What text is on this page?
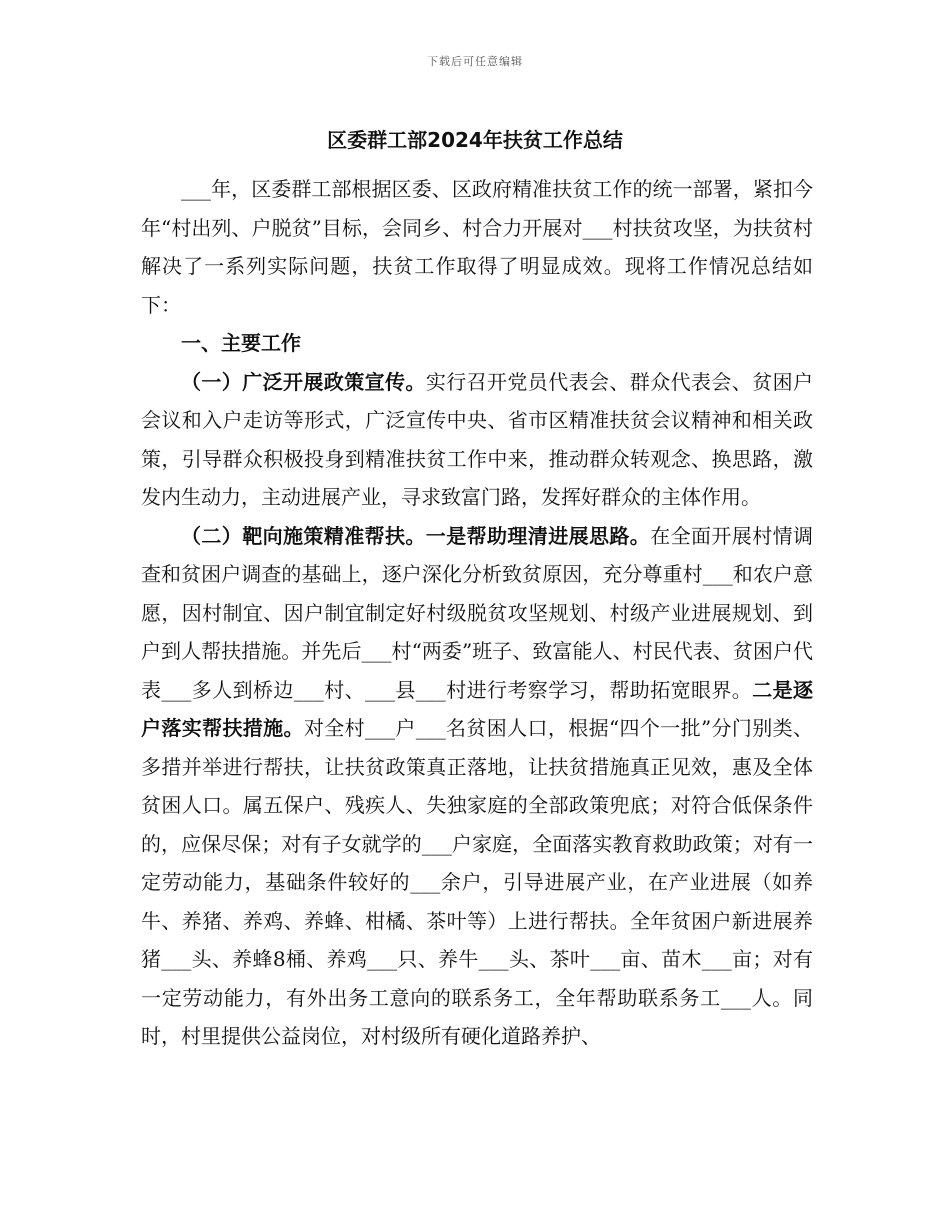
下载后可任意编辑
区委群工部2024年扶贫工作总结

___年，区委群工部根据区委、区政府精准扶贫工作的统一部署，紧扣今年“村出列、户脱贫”目标，会同乡、村合力开展对___村扶贫攻坚，为扶贫村解决了一系列实际问题，扶贫工作取得了明显成效。现将工作情况总结如下：

一、主要工作

（一）广泛开展政策宣传。实行召开党员代表会、群众代表会、贫困户会议和入户走访等形式，广泛宣传中央、省市区精准扶贫会议精神和相关政策，引导群众积极投身到精准扶贫工作中来，推动群众转观念、换思路，激发内生动力，主动进展产业，寻求致富门路，发挥好群众的主体作用。

（二）靶向施策精准帮扶。一是帮助理清进展思路。在全面开展村情调查和贫困户调查的基础上，逐户深化分析致贫原因，充分尊重村___和农户意愿，因村制宜、因户制宜制定好村级脱贫攻坚规划、村级产业进展规划、到户到人帮扶措施。并先后___村“两委”班子、致富能人、村民代表、贫困户代表___多人到桥边___村、___县___村进行考察学习，帮助拓宽眼界。二是逐户落实帮扶措施。对全村___户___名贫困人口，根据“四个一批”分门别类、多措并举进行帮扶，让扶贫政策真正落地，让扶贫措施真正见效，惠及全体贫困人口。属五保户、残疾人、失独家庭的全部政策兜底；对符合低保条件的，应保尽保；对有子女就学的___户家庭，全面落实教育救助政策；对有一定劳动能力，基础条件较好的___余户，引导进展产业，在产业进展（如养牛、养猪、养鸡、养蜂、柑橘、茶叶等）上进行帮扶。全年贫困户新进展养猪___头、养蜂8桶、养鸡___只、养牛___头、茶叶___亩、苗木___亩；对有一定劳动能力，有外出务工意向的联系务工，全年帮助联系务工___人。同时，村里提供公益岗位，对村级所有硬化道路养护、
